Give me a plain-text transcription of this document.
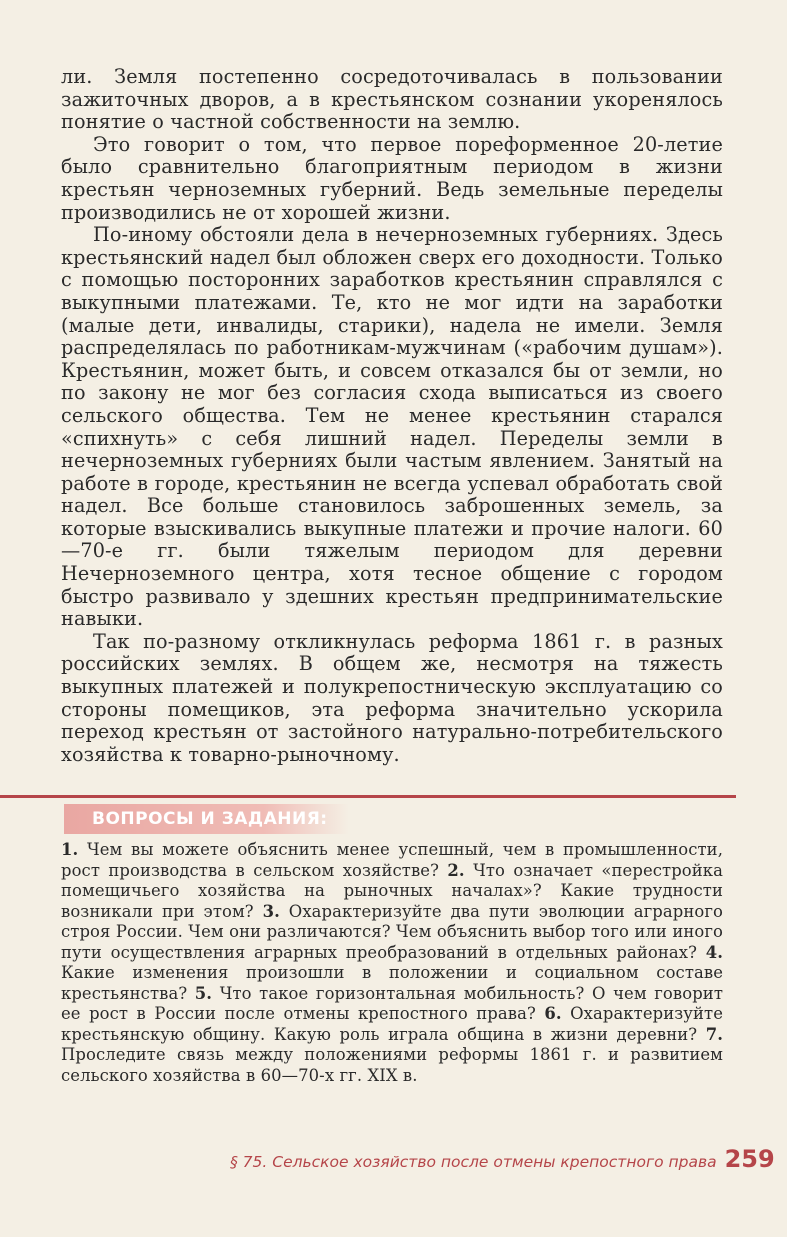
ли. Земля постепенно сосредоточивалась в пользовании зажиточных дворов, а в крестьянском сознании укоренялось понятие о частной собственности на землю.

Это говорит о том, что первое пореформенное 20-летие было сравнительно благоприятным периодом в жизни крестьян черноземных губерний. Ведь земельные переделы производились не от хорошей жизни.

По-иному обстояли дела в нечерноземных губерниях. Здесь крестьянский надел был обложен сверх его доходности. Только с помощью посторонних заработков крестьянин справлялся с выкупными платежами. Те, кто не мог идти на заработки (малые дети, инвалиды, старики), надела не имели. Земля распределялась по работникам-мужчинам («рабочим душам»). Крестьянин, может быть, и совсем отказался бы от земли, но по закону не мог без согласия схода выписаться из своего сельского общества. Тем не менее крестьянин старался «спихнуть» с себя лишний надел. Переделы земли в нечерноземных губерниях были частым явлением. Занятый на работе в городе, крестьянин не всегда успевал обработать свой надел. Все больше становилось заброшенных земель, за которые взыскивались выкупные платежи и прочие налоги. 60—70-е гг. были тяжелым периодом для деревни Нечерноземного центра, хотя тесное общение с городом быстро развивало у здешних крестьян предпринимательские навыки.

Так по-разному откликнулась реформа 1861 г. в разных российских землях. В общем же, несмотря на тяжесть выкупных платежей и полукрепостническую эксплуатацию со стороны помещиков, эта реформа значительно ускорила переход крестьян от застойного натурально-потребительского хозяйства к товарно-рыночному.

ВОПРОСЫ И ЗАДАНИЯ:

1. Чем вы можете объяснить менее успешный, чем в промышленности, рост производства в сельском хозяйстве? 2. Что означает «перестройка помещичьего хозяйства на рыночных началах»? Какие трудности возникали при этом? 3. Охарактеризуйте два пути эволюции аграрного строя России. Чем они различаются? Чем объяснить выбор того или иного пути осуществления аграрных преобразований в отдельных районах? 4. Какие изменения произошли в положении и социальном составе крестьянства? 5. Что такое горизонтальная мобильность? О чем говорит ее рост в России после отмены крепостного права? 6. Охарактеризуйте крестьянскую общину. Какую роль играла община в жизни деревни? 7. Проследите связь между положениями реформы 1861 г. и развитием сельского хозяйства в 60—70-х гг. XIX в.

§ 75. Сельское хозяйство после отмены крепостного права 259
